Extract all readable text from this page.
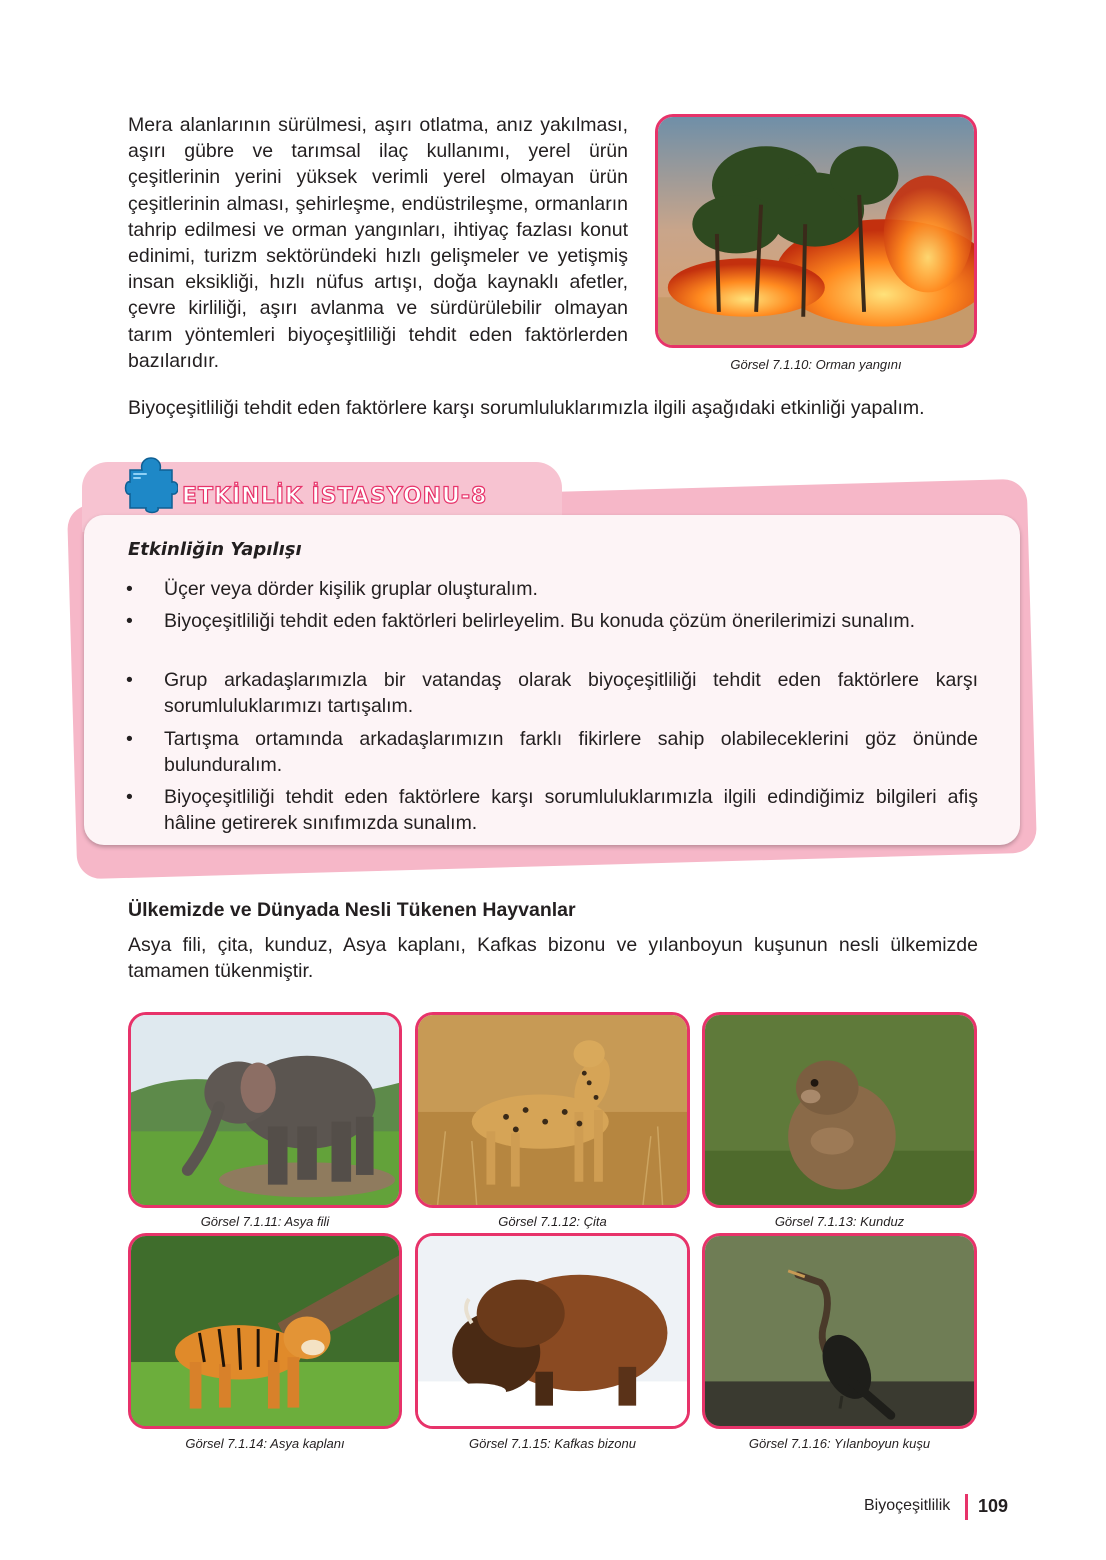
Mera alanlarının sürülmesi, aşırı otlatma, anız yakılması, aşırı gübre ve tarımsal ilaç kullanımı, yerel ürün çeşitlerinin yerini yüksek verimli yerel olmayan ürün çeşitlerinin alması, şehirleşme, endüstrileşme, ormanların tahrip edilmesi ve orman yangınları, ihtiyaç fazlası konut edinimi, turizm sektöründeki hızlı gelişmeler ve yetişmiş insan eksikliği, hızlı nüfus artışı, doğa kaynaklı afetler, çevre kirliliği, aşırı avlanma ve sürdürülebilir olmayan tarım yöntemleri biyoçeşitliliği tehdit eden faktörlerden bazılarıdır.	Görsel 7.1.10: Orman yangını

Biyoçeşitliliği tehdit eden faktörlere karşı sorumluluklarımızla ilgili aşağıdaki etkinliği yapalım.

ETKİNLİK İSTASYONU-8
Etkinliğin Yapılışı
• Üçer veya dörder kişilik gruplar oluşturalım.
• Biyoçeşitliliği tehdit eden faktörleri belirleyelim. Bu konuda çözüm önerilerimizi sunalım.
• Grup arkadaşlarımızla bir vatandaş olarak biyoçeşitliliği tehdit eden faktörlere karşı sorumluluklarımızı tartışalım.
• Tartışma ortamında arkadaşlarımızın farklı fikirlere sahip olabileceklerini göz önünde bulunduralım.
• Biyoçeşitliliği tehdit eden faktörlere karşı sorumluluklarımızla ilgili edindiğimiz bilgileri afiş hâline getirerek sınıfımızda sunalım.
Ülkemizde ve Dünyada Nesli Tükenen Hayvanlar

Asya fili, çita, kunduz, Asya kaplanı, Kafkas bizonu ve yılanboyun kuşunun nesli ülkemizde tamamen tükenmiştir.

Görsel 7.1.11: Asya fili	Görsel 7.1.12: Çita	Görsel 7.1.13: Kunduz
Görsel 7.1.14: Asya kaplanı	Görsel 7.1.15: Kafkas bizonu	Görsel 7.1.16: Yılanboyun kuşu
Biyoçeşitlilik 109
